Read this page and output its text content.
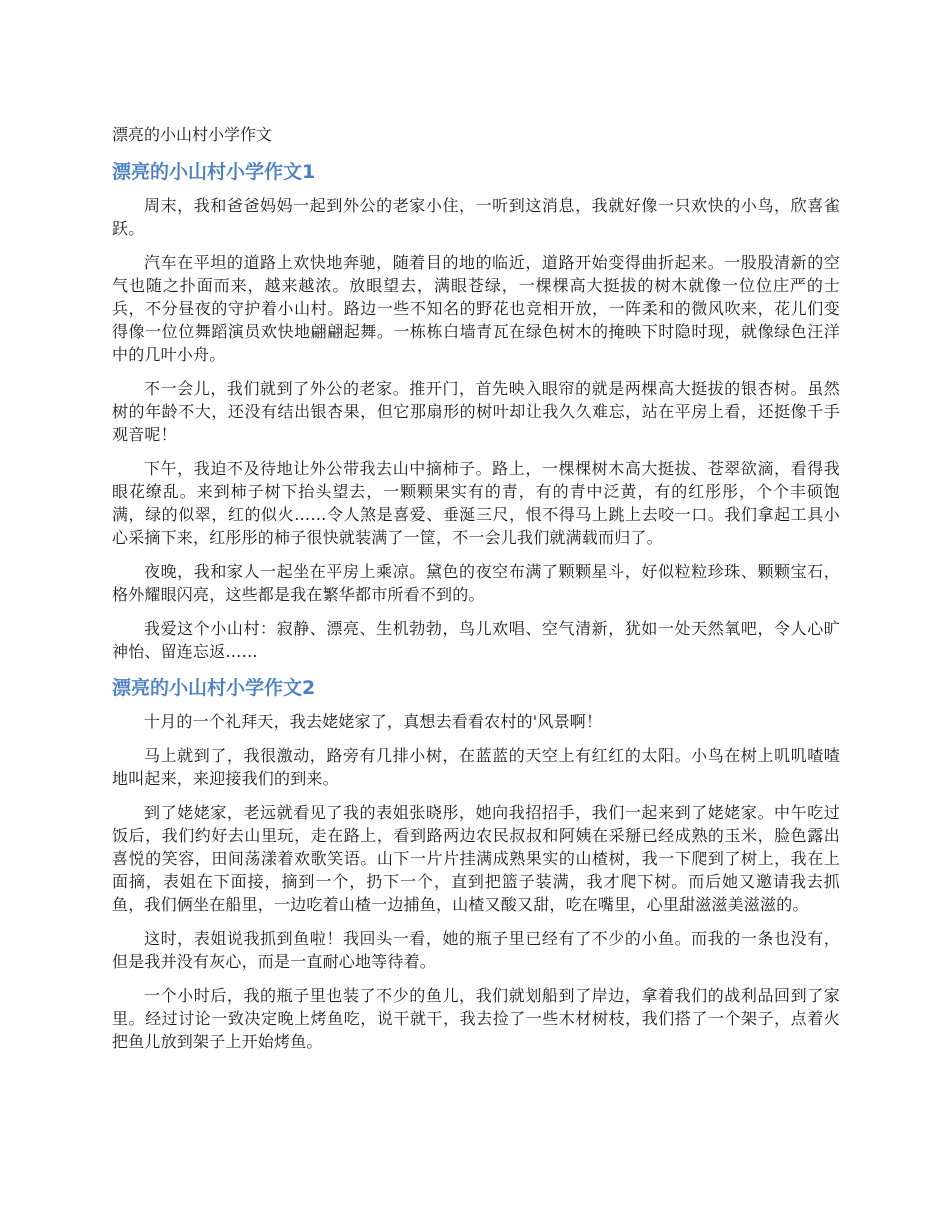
漂亮的小山村小学作文
漂亮的小山村小学作文1

周末，我和爸爸妈妈一起到外公的老家小住，一听到这消息，我就好像一只欢快的小鸟，欣喜雀跃。

汽车在平坦的道路上欢快地奔驰，随着目的地的临近，道路开始变得曲折起来。一股股清新的空气也随之扑面而来，越来越浓。放眼望去，满眼苍绿，一棵棵高大挺拔的树木就像一位位庄严的士兵，不分昼夜的守护着小山村。路边一些不知名的野花也竞相开放，一阵柔和的微风吹来，花儿们变得像一位位舞蹈演员欢快地翩翩起舞。一栋栋白墙青瓦在绿色树木的掩映下时隐时现，就像绿色汪洋中的几叶小舟。

不一会儿，我们就到了外公的老家。推开门，首先映入眼帘的就是两棵高大挺拔的银杏树。虽然树的年龄不大，还没有结出银杏果，但它那扇形的树叶却让我久久难忘，站在平房上看，还挺像千手观音呢！

下午，我迫不及待地让外公带我去山中摘柿子。路上，一棵棵树木高大挺拔、苍翠欲滴，看得我眼花缭乱。来到柿子树下抬头望去，一颗颗果实有的青，有的青中泛黄，有的红彤彤，个个丰硕饱满，绿的似翠，红的似火……令人煞是喜爱、垂涎三尺，恨不得马上跳上去咬一口。我们拿起工具小心采摘下来，红彤彤的柿子很快就装满了一筐，不一会儿我们就满载而归了。

夜晚，我和家人一起坐在平房上乘凉。黛色的夜空布满了颗颗星斗，好似粒粒珍珠、颗颗宝石，格外耀眼闪亮，这些都是我在繁华都市所看不到的。

我爱这个小山村：寂静、漂亮、生机勃勃，鸟儿欢唱、空气清新，犹如一处天然氧吧，令人心旷神怡、留连忘返……

漂亮的小山村小学作文2

十月的一个礼拜天，我去姥姥家了，真想去看看农村的'风景啊！

马上就到了，我很激动，路旁有几排小树，在蓝蓝的天空上有红红的太阳。小鸟在树上叽叽喳喳地叫起来，来迎接我们的到来。

到了姥姥家，老远就看见了我的表姐张晓彤，她向我招招手，我们一起来到了姥姥家。中午吃过饭后，我们约好去山里玩，走在路上，看到路两边农民叔叔和阿姨在采掰已经成熟的玉米，脸色露出喜悦的笑容，田间荡漾着欢歌笑语。山下一片片挂满成熟果实的山楂树，我一下爬到了树上，我在上面摘，表姐在下面接，摘到一个，扔下一个，直到把篮子装满，我才爬下树。而后她又邀请我去抓鱼，我们俩坐在船里，一边吃着山楂一边捕鱼，山楂又酸又甜，吃在嘴里，心里甜滋滋美滋滋的。

这时，表姐说我抓到鱼啦！我回头一看，她的瓶子里已经有了不少的小鱼。而我的一条也没有，但是我并没有灰心，而是一直耐心地等待着。

一个小时后，我的瓶子里也装了不少的鱼儿，我们就划船到了岸边，拿着我们的战利品回到了家里。经过讨论一致决定晚上烤鱼吃，说干就干，我去捡了一些木材树枝，我们搭了一个架子，点着火把鱼儿放到架子上开始烤鱼。
